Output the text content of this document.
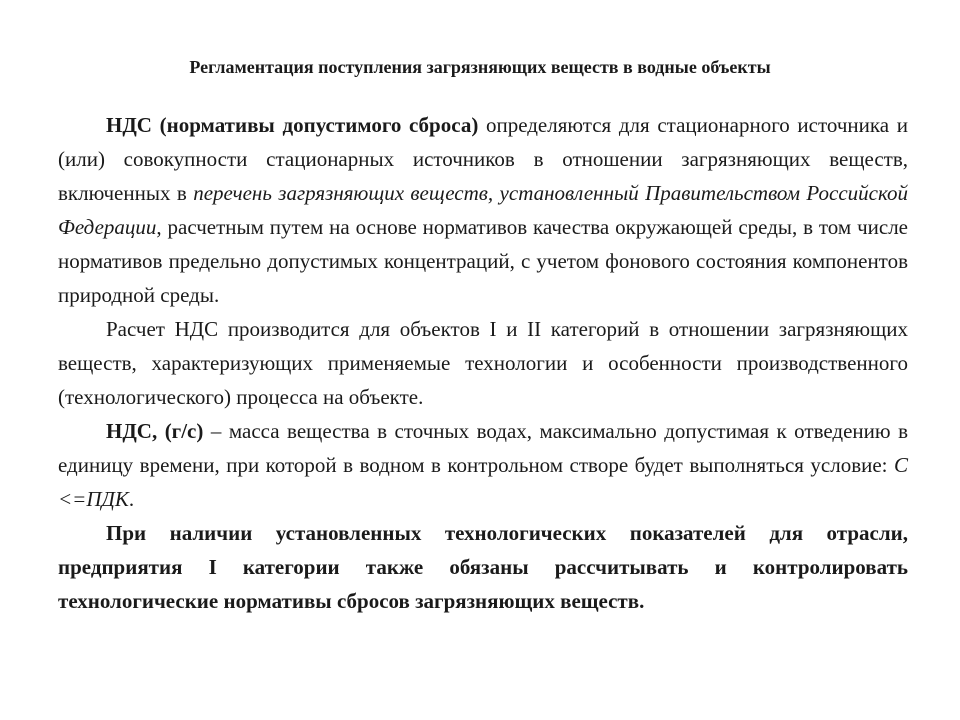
Регламентация поступления загрязняющих веществ в водные объекты

НДС (нормативы допустимого сброса) определяются для стационарного источника и (или) совокупности стационарных источников в отношении загрязняющих веществ, включенных в перечень загрязняющих веществ, установленный Правительством Российской Федерации, расчетным путем на основе нормативов качества окружающей среды, в том числе нормативов предельно допустимых концентраций, с учетом фонового состояния компонентов природной среды.

Расчет НДС производится для объектов I и II категорий в отношении загрязняющих веществ, характеризующих применяемые технологии и особенности производственного (технологического) процесса на объекте.

НДС, (г/с) – масса вещества в сточных водах, максимально допустимая к отведению в единицу времени, при которой в водном в контрольном створе будет выполняться условие: С <=ПДК.

При наличии установленных технологических показателей для отрасли, предприятия I категории также обязаны рассчитывать и контролировать технологические нормативы сбросов загрязняющих веществ.
